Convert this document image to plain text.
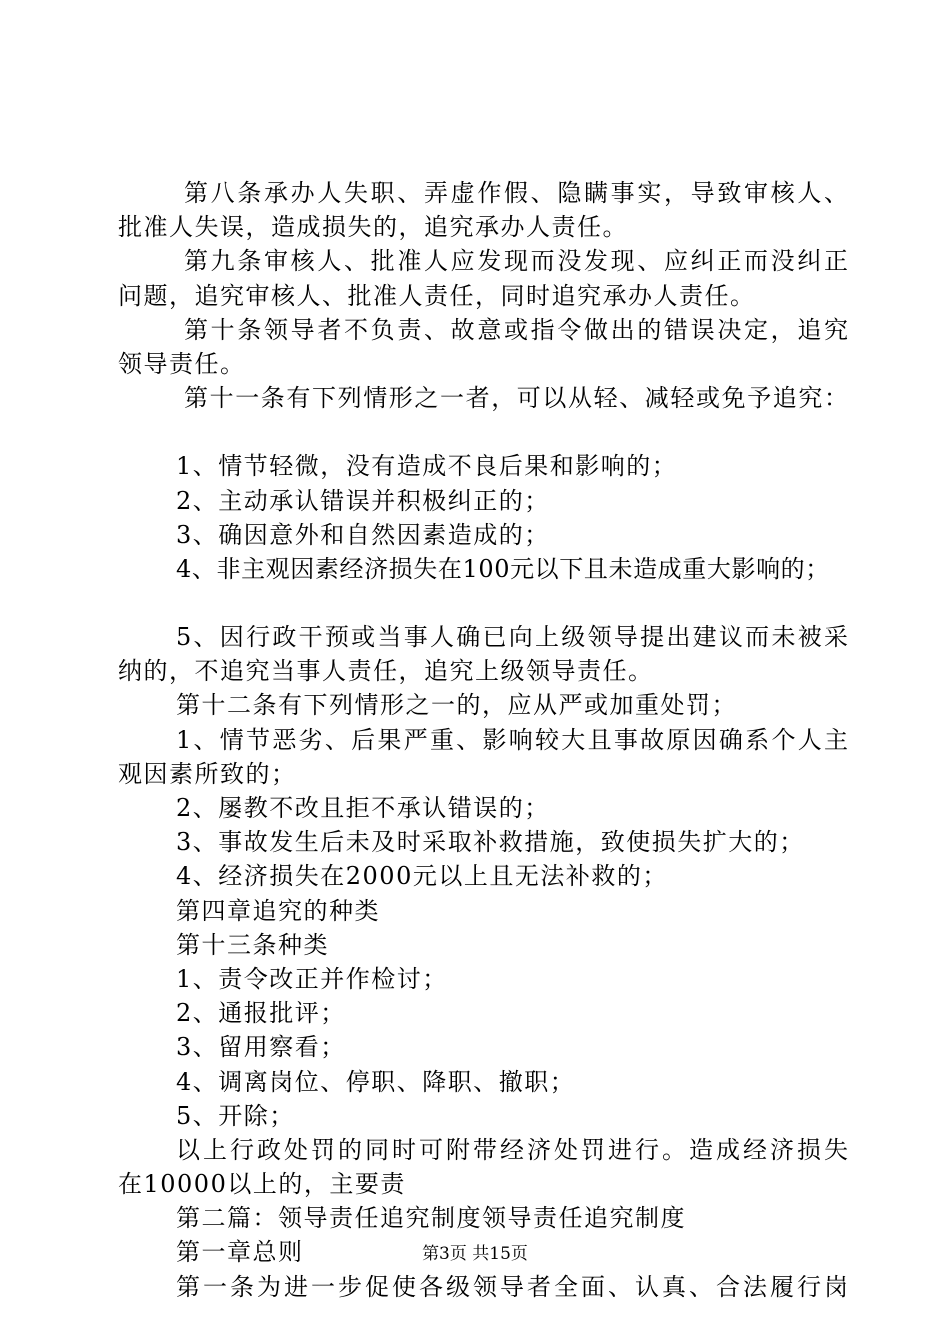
第八条承办人失职、弄虚作假、隐瞒事实，导致审核人、
批准人失误，造成损失的，追究承办人责任。
第九条审核人、批准人应发现而没发现、应纠正而没纠正
问题，追究审核人、批准人责任，同时追究承办人责任。
第十条领导者不负责、故意或指令做出的错误决定，追究
领导责任。
第十一条有下列情形之一者，可以从轻、减轻或免予追究：
1、情节轻微，没有造成不良后果和影响的；
2、主动承认错误并积极纠正的；
3、确因意外和自然因素造成的；
4、非主观因素经济损失在100元以下且未造成重大影响的；
5、因行政干预或当事人确已向上级领导提出建议而未被采
纳的，不追究当事人责任，追究上级领导责任。
第十二条有下列情形之一的，应从严或加重处罚；
1、情节恶劣、后果严重、影响较大且事故原因确系个人主
观因素所致的；
2、屡教不改且拒不承认错误的；
3、事故发生后未及时采取补救措施，致使损失扩大的；
4、经济损失在2000元以上且无法补救的；
第四章追究的种类
第十三条种类
1、责令改正并作检讨；
2、通报批评；
3、留用察看；
4、调离岗位、停职、降职、撤职；
5、开除；
以上行政处罚的同时可附带经济处罚进行。造成经济损失
在10000以上的，主要责
第二篇：领导责任追究制度领导责任追究制度
第一章总则
第一条为进一步促使各级领导者全面、认真、合法履行岗
第3页 共15页
